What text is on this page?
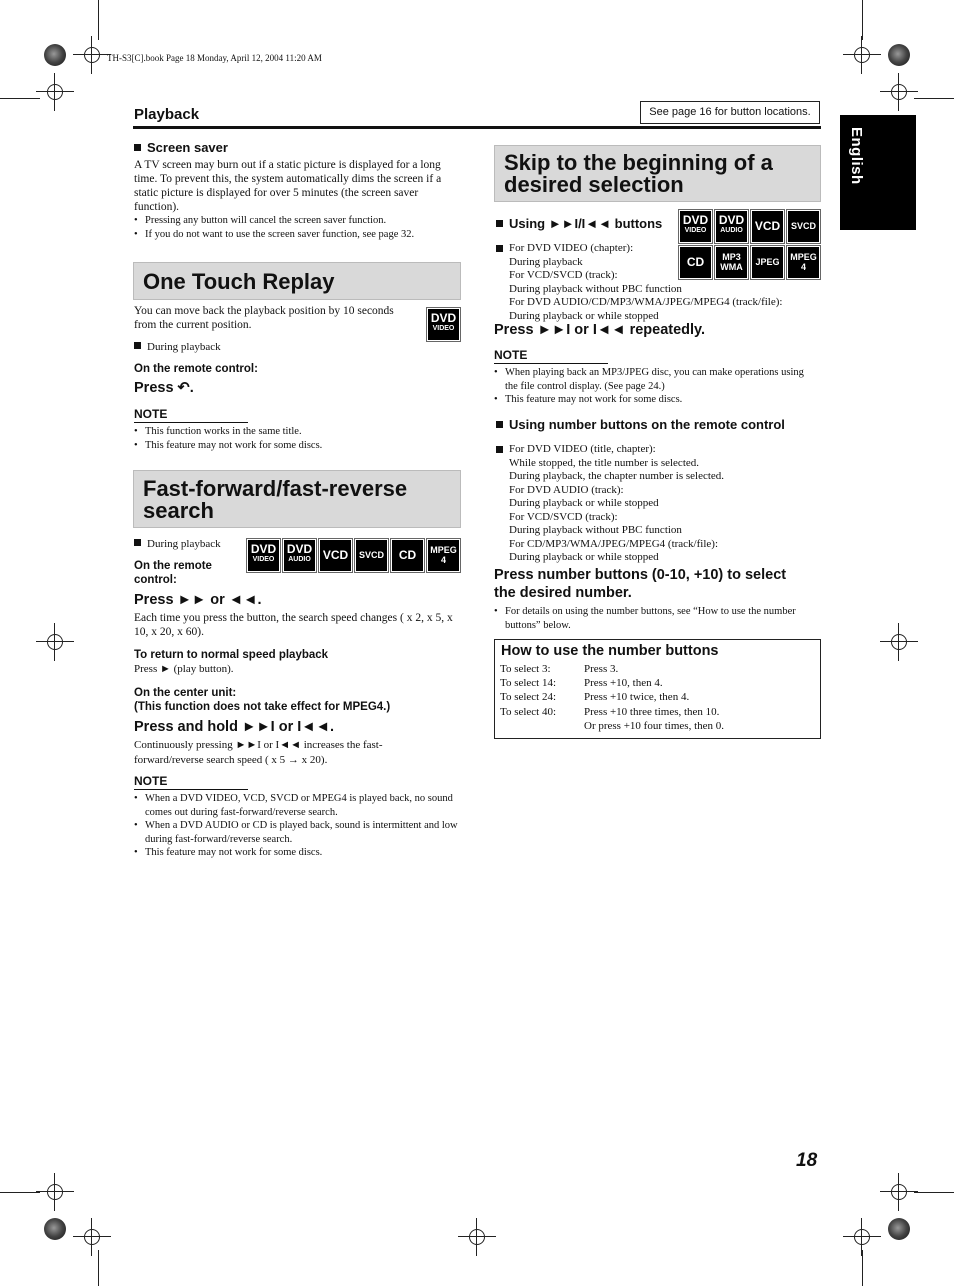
TH-S3[C].book Page 18 Monday, April 12, 2004 11:20 AM
Playback	See page 16 for button locations.
English
Screen saver
A TV screen may burn out if a static picture is displayed for a long time. To prevent this, the system automatically dims the screen if a static picture is displayed for over 5 minutes (the screen saver function).
• Pressing any button will cancel the screen saver function.
• If you do not want to use the screen saver function, see page 32.
One Touch Replay
You can move back the playback position by 10 seconds from the current position.	DVD
VIDEO
During playback
On the remote control:
Press ↶.
NOTE
• This function works in the same title.
• This feature may not work for some discs.
Fast-forward/fast-reverse
search
During playback
On the remote
control:
DVD
VIDEO
DVD
AUDIO	VCD	SVCD	CD	MPEG
4
Press ►► or ◄◄.
Each time you press the button, the search speed changes ( x 2, x 5, x 10, x 20, x 60).
To return to normal speed playback
Press ► (play button).
On the center unit:
(This function does not take effect for MPEG4.)
Press and hold ►►I or I◄◄.
Continuously pressing ►►I or I◄◄ increases the fast-forward/reverse search speed ( x 5 → x 20).
NOTE
• When a DVD VIDEO, VCD, SVCD or MPEG4 is played back, no sound comes out during fast-forward/reverse search.
• When a DVD AUDIO or CD is played back, sound is intermittent and low during fast-forward/reverse search.
• This feature may not work for some discs.
Skip to the beginning of a
desired selection
Using ►►I/I◄◄ buttons	DVD
VIDEO
DVD
AUDIO	VCD	SVCD
CD	MP3
WMA	JPEG	MPEG
4
For DVD VIDEO (chapter):
During playback
For VCD/SVCD (track):
During playback without PBC function
For DVD AUDIO/CD/MP3/WMA/JPEG/MPEG4 (track/file):
During playback or while stopped
Press ►►I or I◄◄ repeatedly.
NOTE
• When playing back an MP3/JPEG disc, you can make operations using the file control display. (See page 24.)
• This feature may not work for some discs.
Using number buttons on the remote control
For DVD VIDEO (title, chapter):
While stopped, the title number is selected.
During playback, the chapter number is selected.
For DVD AUDIO (track):
During playback or while stopped
For VCD/SVCD (track):
During playback without PBC function
For CD/MP3/WMA/JPEG/MPEG4 (track/file):
During playback or while stopped
Press number buttons (0-10, +10) to select
the desired number.
• For details on using the number buttons, see “How to use the number buttons” below.
How to use the number buttons
To select 3:	Press 3.
To select 14:	Press +10, then 4.
To select 24:	Press +10 twice, then 4.
To select 40:	Press +10 three times, then 10.
Or press +10 four times, then 0.
18
